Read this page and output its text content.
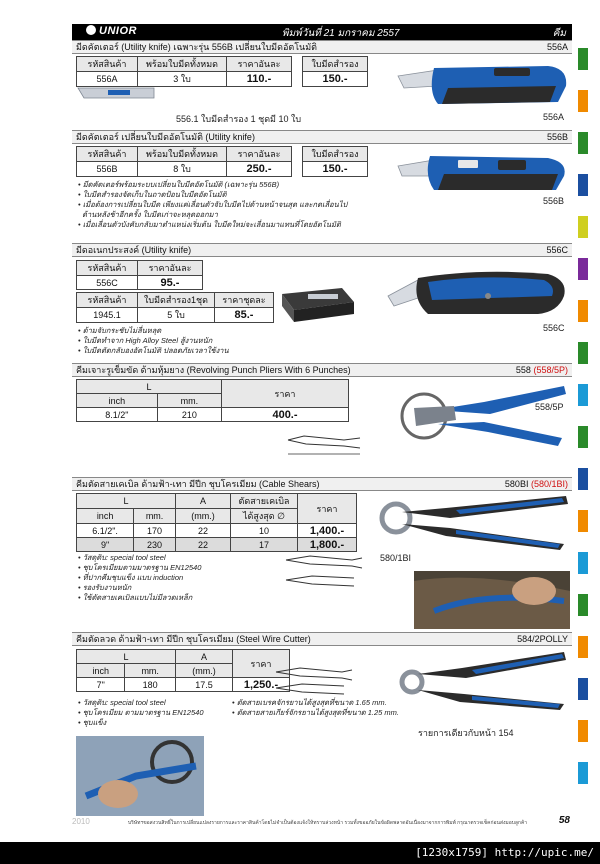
UNIOR	พิมพ์วันที่ 21 มกราคม 2557	คีม
มีดคัตเตอร์ (Utility knife) เฉพาะรุ่น 556B เปลี่ยนใบมีดอัตโนมัติ	556A
รหัสสินค้า	พร้อมใบมีดทั้งหมด	ราคาอันละ		ใบมีดสำรอง
556A	3 ใบ	110.-		150.-
556.1 ใบมีดสำรอง 1 ชุดมี 10 ใบ	556A
มีดคัตเตอร์ เปลี่ยนใบมีดอัตโนมัติ (Utility knife)	556B
รหัสสินค้า	พร้อมใบมีดทั้งหมด	ราคาอันละ		ใบมีดสำรอง
556B	8 ใบ	250.-		150.-
• มีดคัตเตอร์พร้อมระบบเปลี่ยนใบมีดอัตโนมัติ (เฉพาะรุ่น 556B)
• ใบมีดสำรองจัดเก็บในถาดป้อนใบมีดอัตโนมัติ
• เมื่อต้องการเปลี่ยนใบมีด เพียงแค่เลื่อนตัวจับใบมีดไปด้านหน้าจนสุด และกดเลื่อนไป
ด้านหลังช้าอีกครั้ง ใบมีดเก่าจะหลุดออกมา
• เมื่อเลื่อนตัวบังคับกลับมาตำแหน่งเริ่มต้น ใบมีดใหม่จะเลื่อนมาแทนที่โดยอัตโนมัติ
556B
มีดอเนกประสงค์ (Utility knife)	556C
รหัสสินค้า	ราคาอันละ
556C	95.-
รหัสสินค้า	ใบมีดสำรอง1ชุด	ราคาชุดละ
1945.1	5 ใบ	85.-
• ด้ามจับกระชับไม่ลื่นหลุด
• ใบมีดทำจาก High Alloy Steel สู้งานหนัก
• ใบมีดตัดกลับองอัตโนมัติ ปลอดภัยเวลาใช้งาน
556C
คีมเจาะรูเข็มขัด ด้ามหุ้มยาง (Revolving Punch Pliers With 6 Punches)	558 (558/5P)
L		ราคา
inch	mm.	
8.1/2"	210	400.-
558/5P
คีมตัดสายเคเบิล ด้ามฟ้า-เทา มีปีก ชุบโครเมียม (Cable Shears)	580BI (580/1BI)
L		A	ตัดสายเคเบิล	ราคา
inch	mm.	(mm.)	ได้สูงสุด ∅	
6.1/2".	170	22	10	1,400.-
9"	230	22	17	1,800.-
• วัสดุดิบ: special tool steel
• ชุบโครเมียมตามมาตรฐาน EN12540
• ที่ปากคีมชุบแข็ง แบบ induction
• รองรับงานหนัก
• ใช้ตัดสายเคเบิลแบบไม่มีลวดเหล็ก
580/1BI
คีมตัดลวด ด้ามฟ้า-เทา มีปีก ชุบโครเมียม (Steel Wire Cutter)	584/2POLLY
L		A	ราคา
inch	mm.	(mm.)	
7"	180	17.5	1,250.-
• วัสดุดิบ: special tool steel
• ชุบโครเมียม ตามมาตรฐาน EN12540
• ชุบแข็ง
• ตัดสายเบรคจักรยานได้สูงสุดที่ขนาด 1.65 mm.
• ตัดสายสายเกียร์จักรยานได้สูงสุดที่ขนาด 1.25 mm.
รายการเดียวกับหน้า 154
2010	บริษัทฯขอสงวนสิทธิ์ในการเปลี่ยนแปลงรายการและราคาสินค้าโดยไม่จำเป็นต้องแจ้งให้ทราบล่วงหน้า รวมทั้งขออภัยในข้อผิดพลาดอันเนื่องมาจากการพิมพ์ กรุณาตรวจเช็คก่อนส่งมอบลูกค้า	58
[1230x1759] http://upic.me/
